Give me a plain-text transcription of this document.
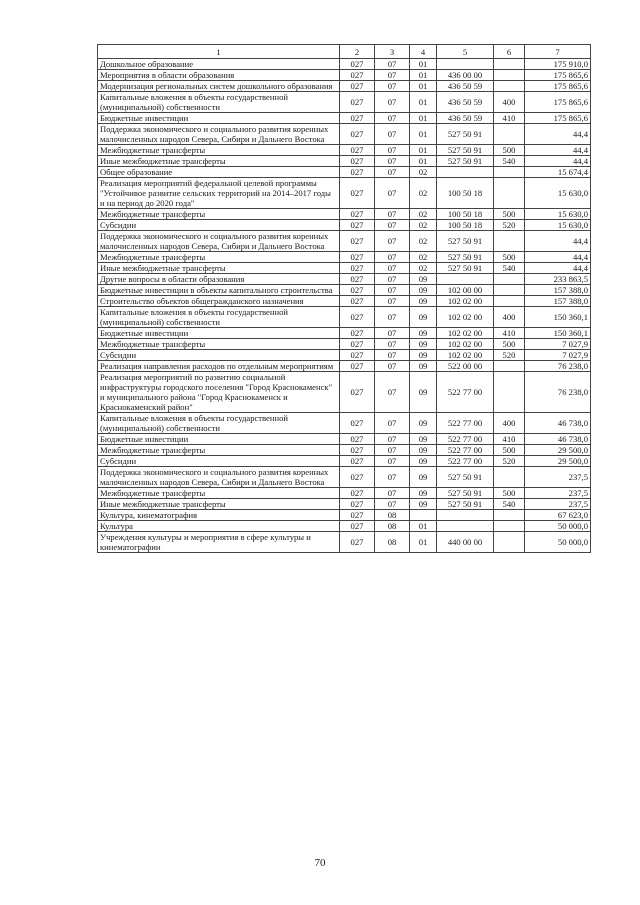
1	2	3	4	5	6	7
Дошкольное образование	027	07	01			175 910,0
Мероприятия в области образования	027	07	01	436 00 00		175 865,6
Модернизация региональных систем дошкольного образования	027	07	01	436 50 59		175 865,6
Капитальные вложения в объекты государственной (муниципальной) собственности	027	07	01	436 50 59	400	175 865,6
Бюджетные инвестиции	027	07	01	436 50 59	410	175 865,6
Поддержка экономического и социального развития коренных малочисленных народов Севера, Сибири и Дальнего Востока	027	07	01	527 50 91		44,4
Межбюджетные трансферты	027	07	01	527 50 91	500	44,4
Иные межбюджетные трансферты	027	07	01	527 50 91	540	44,4
Общее образование	027	07	02			15 674,4
Реализация мероприятий федеральной целевой программы "Устойчивое развитие сельских территорий на 2014–2017 годы и на период до 2020 года"	027	07	02	100 50 18		15 630,0
Межбюджетные трансферты	027	07	02	100 50 18	500	15 630,0
Субсидии	027	07	02	100 50 18	520	15 630,0
Поддержка экономического и социального развития коренных малочисленных народов Севера, Сибири и Дальнего Востока	027	07	02	527 50 91		44,4
Межбюджетные трансферты	027	07	02	527 50 91	500	44,4
Иные межбюджетные трансферты	027	07	02	527 50 91	540	44,4
Другие вопросы в области образования	027	07	09			233 863,5
Бюджетные инвестиции в объекты капитального строительства	027	07	09	102 00 00		157 388,0
Строительство объектов общегражданского назначения	027	07	09	102 02 00		157 388,0
Капитальные вложения в объекты государственной (муниципальной) собственности	027	07	09	102 02 00	400	150 360,1
Бюджетные инвестиции	027	07	09	102 02 00	410	150 360,1
Межбюджетные трансферты	027	07	09	102 02 00	500	7 027,9
Субсидии	027	07	09	102 02 00	520	7 027,9
Реализация направления расходов по отдельным мероприятиям	027	07	09	522 00 00		76 238,0
Реализация мероприятий по развитию социальной инфраструктуры городского поселения "Город Краснокаменск" и муниципального района "Город Краснокаменск и Краснокаменский район"	027	07	09	522 77 00		76 238,0
Капитальные вложения в объекты государственной (муниципальной) собственности	027	07	09	522 77 00	400	46 738,0
Бюджетные инвестиции	027	07	09	522 77 00	410	46 738,0
Межбюджетные трансферты	027	07	09	522 77 00	500	29 500,0
Субсидии	027	07	09	522 77 00	520	29 500,0
Поддержка экономического и социального развития коренных малочисленных народов Севера, Сибири и Дальнего Востока	027	07	09	527 50 91		237,5
Межбюджетные трансферты	027	07	09	527 50 91	500	237,5
Иные межбюджетные трансферты	027	07	09	527 50 91	540	237,5
Культура, кинематография	027	08				67 623,0
Культура	027	08	01			50 000,0
Учреждения культуры и мероприятия в сфере культуры и кинематографии	027	08	01	440 00 00		50 000,0
70
